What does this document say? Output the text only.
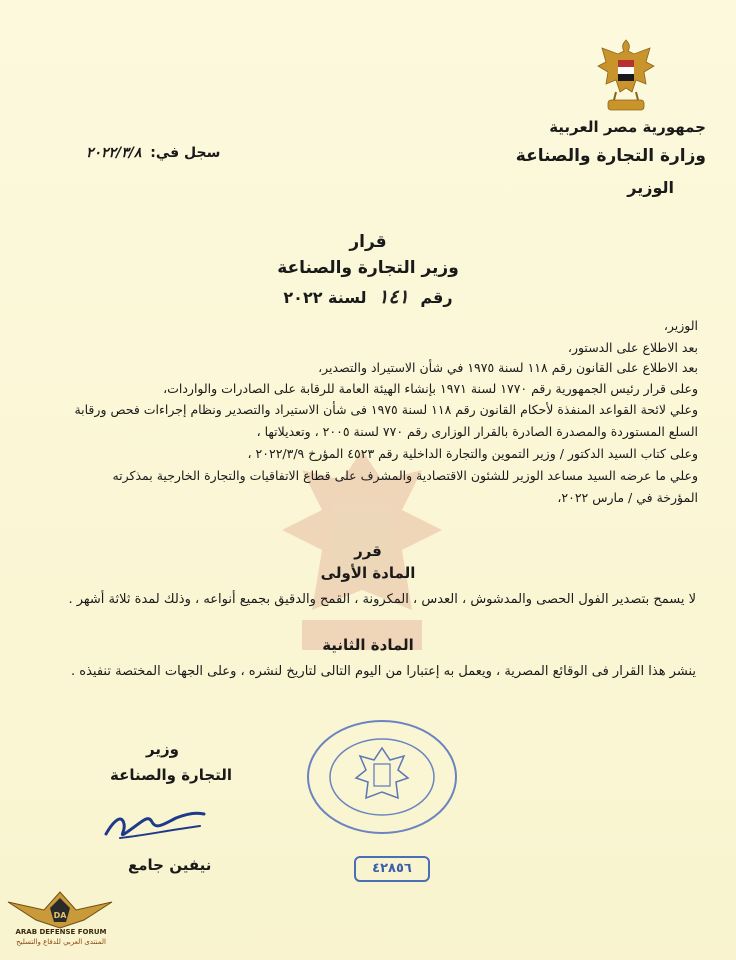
جمهورية مصر العربية
وزارة التجارة والصناعة
الوزير
سجل في: ٢٠٢٢/٣/٨
قرار
وزير التجارة والصناعة
رقم ١٤١ لسنة ٢٠٢٢
الوزير،
بعد الاطلاع على الدستور،
بعد الاطلاع على القانون رقم ١١٨ لسنة ١٩٧٥ في شأن الاستيراد والتصدير،
وعلى قرار رئيس الجمهورية رقم ١٧٧٠ لسنة ١٩٧١ بإنشاء الهيئة العامة للرقابة على الصادرات والواردات،
وعلي لائحة القواعد المنفذة لأحكام القانون رقم ١١٨ لسنة ١٩٧٥ فى شأن الاستيراد والتصدير ونظام إجراءات فحص ورقابة
السلع المستوردة والمصدرة الصادرة بالقرار الوزارى رقم ٧٧٠ لسنة ٢٠٠٥ ، وتعديلاتها ،
وعلى كتاب السيد الدكتور / وزير التموين والتجارة الداخلية رقم ٤٥٢٣ المؤرخ ٢٠٢٢/٣/٩ ،
وعلي ما عرضه السيد مساعد الوزير للشئون الاقتصادية والمشرف على قطاع الاتفاقيات والتجارة الخارجية بمذكرته
المؤرخة في / مارس ٢٠٢٢،
قرر
المادة الأولى
لا يسمح بتصدير الفول الحصى والمدشوش ، العدس ، المكرونة ، القمح والدقيق بجميع أنواعه ، وذلك لمدة ثلاثة أشهر .
المادة الثانية
ينشر هذا القرار فى الوقائع المصرية ، ويعمل به إعتبارا من اليوم التالى لتاريخ لنشره ، وعلى الجهات المختصة تنفيذه .
وزير
التجارة والصناعة
نيفين جامع	٤٢٨٥٦
DA
ARAB DEFENSE FORUM
المنتدى العربي للدفاع والتسليح
